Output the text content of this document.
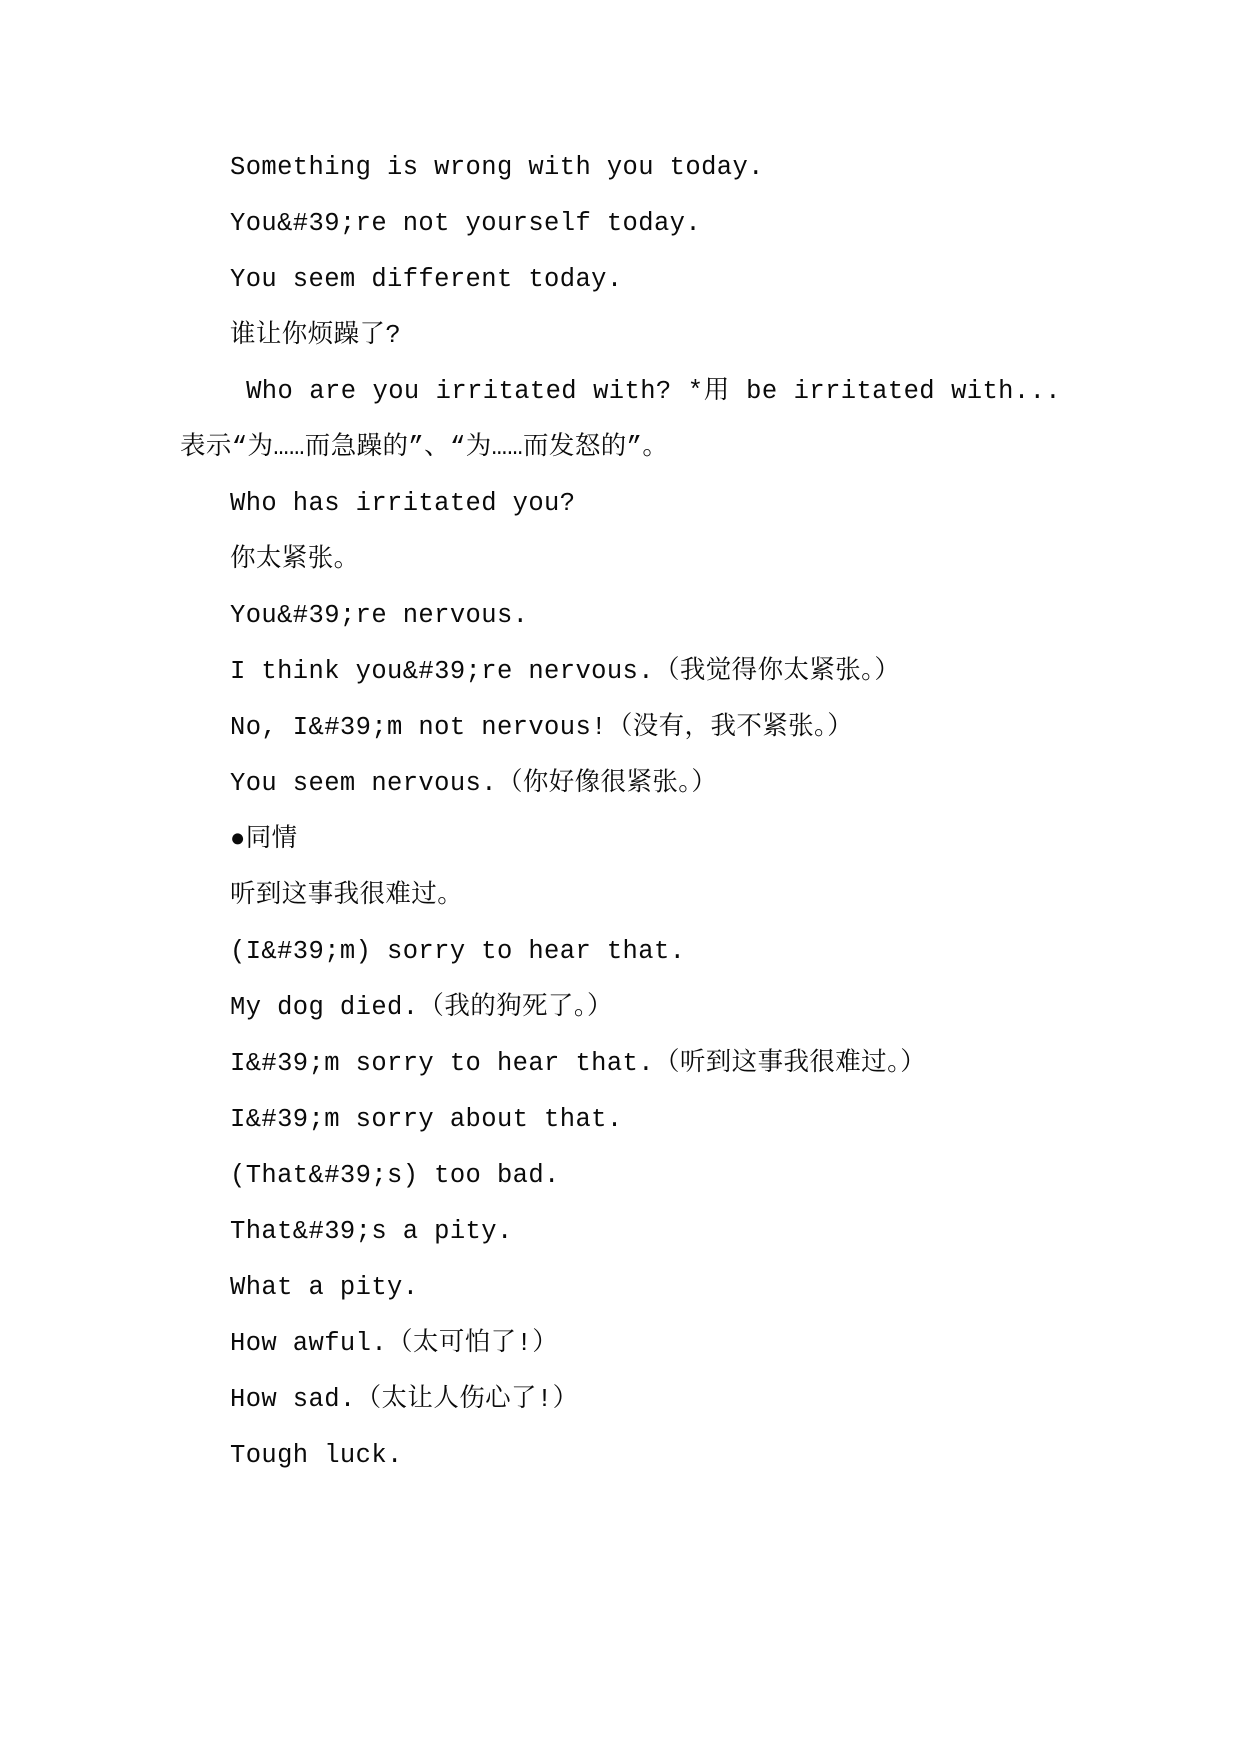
Something is wrong with you today.

You&#39;re not yourself today.

You seem different today.

谁让你烦躁了?

Who are you irritated with? *用 be irritated with...表示“为……而急躁的”、“为……而发怒的”。

Who has irritated you?

你太紧张。

You&#39;re nervous.

I think you&#39;re nervous.（我觉得你太紧张。）

No, I&#39;m not nervous!（没有，我不紧张。）

You seem nervous.（你好像很紧张。）

●同情

听到这事我很难过。

(I&#39;m) sorry to hear that.

My dog died.（我的狗死了。）

I&#39;m sorry to hear that.（听到这事我很难过。）

I&#39;m sorry about that.

(That&#39;s) too bad.

That&#39;s a pity.

What a pity.

How awful.（太可怕了!）

How sad.（太让人伤心了!）

Tough luck.
